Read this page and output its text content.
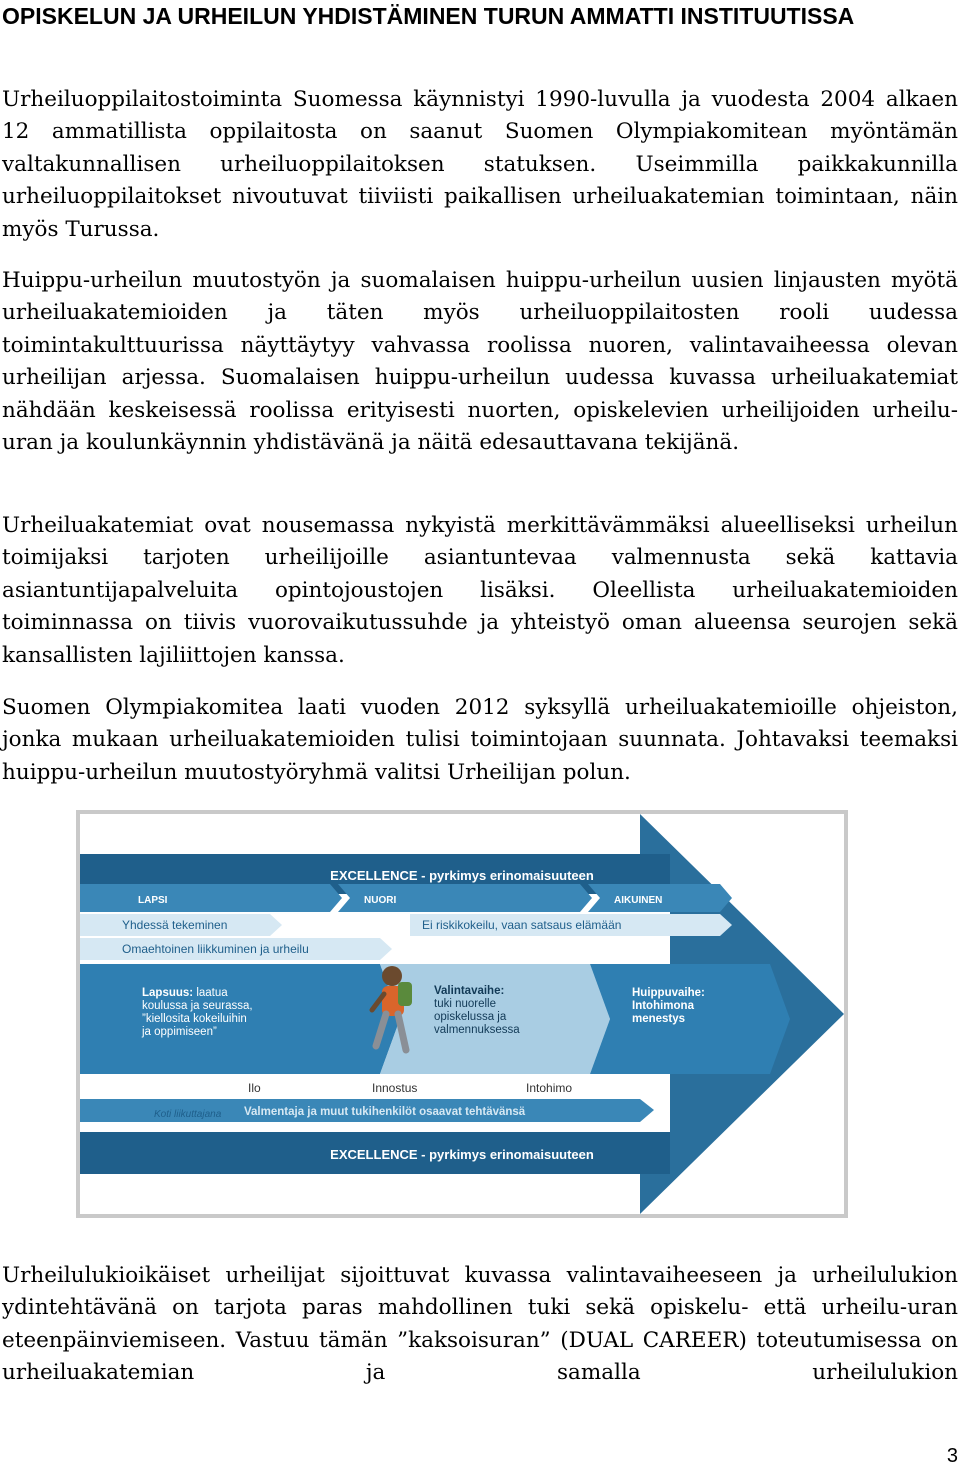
OPISKELUN JA URHEILUN YHDISTÄMINEN TURUN AMMATTI INSTITUUTISSA

Urheiluoppilaitostoiminta Suomessa käynnistyi 1990-luvulla ja vuodesta 2004 alkaen 12 ammatillista oppilaitosta on saanut Suomen Olympiakomitean myöntämän valtakunnallisen urheiluoppilaitoksen statuksen. Useimmilla paikkakunnilla urheiluoppilaitokset nivoutuvat tiiviisti paikallisen urheiluakatemian toimintaan, näin myös Turussa.

Huippu-urheilun muutostyön ja suomalaisen huippu-urheilun uusien linjausten myötä urheiluakatemioiden ja täten myös urheiluoppilaitosten rooli uudessa toimintakulttuurissa näyttäytyy vahvassa roolissa nuoren, valintavaiheessa olevan urheilijan arjessa. Suomalaisen huippu-urheilun uudessa kuvassa urheiluakatemiat nähdään keskeisessä roolissa erityisesti nuorten, opiskelevien urheilijoiden urheilu-uran ja koulunkäynnin yhdistävänä ja näitä edesauttavana tekijänä.

Urheiluakatemiat ovat nousemassa nykyistä merkittävämmäksi alueelliseksi urheilun toimijaksi tarjoten urheilijoille asiantuntevaa valmennusta sekä kattavia asiantuntijapalveluita opintojoustojen lisäksi. Oleellista urheiluakatemioiden toiminnassa on tiivis vuorovaikutussuhde ja yhteistyö oman alueensa seurojen sekä kansallisten lajiliittojen kanssa.

Suomen Olympiakomitea laati vuoden 2012 syksyllä urheiluakatemioille ohjeiston, jonka mukaan urheiluakatemioiden tulisi toimintojaan suunnata. Johtavaksi teemaksi huippu-urheilun muutostyöryhmä valitsi Urheilijan polun.

EXCELLENCE - pyrkimys erinomaisuuteen
EXCELLENCE - pyrkimys erinomaisuuteen
LAPSI	NUORI	AIKUINEN
Yhdessä tekeminen
Omaehtoinen liikkuminen ja urheilu
Ei riskikokeilu, vaan satsaus elämään
Lapsuus: laatua koulussa ja seurassa, ”kiellosita kokeiluihin ja oppimiseen”
Valintavaihe: tuki nuorelle opiskelussa ja valmennuksessa
Huippuvaihe: Intohimona menestys
Ilo	Innostus	Intohimo
Valmentaja ja muut tukihenkilöt osaavat tehtävänsä
Koti liikuttajana

Urheilulukioikäiset urheilijat sijoittuvat kuvassa valintavaiheeseen ja urheilulukion ydintehtävänä on tarjota paras mahdollinen tuki sekä opiskelu- että urheilu-uran eteenpäinviemiseen. Vastuu tämän ”kaksoisuran” (DUAL CAREER) toteutumisessa on urheiluakatemian ja samalla urheilulukion

3
